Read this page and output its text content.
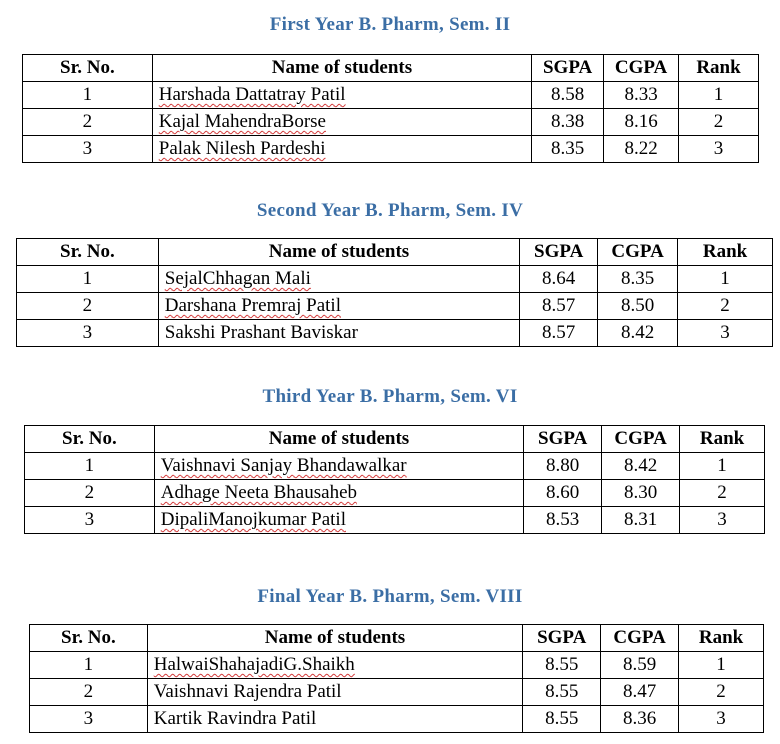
First Year B. Pharm, Sem. II
Sr. No.	Name of students	SGPA	CGPA	Rank
1	Harshada Dattatray Patil	8.58	8.33	1
2	Kajal MahendraBorse	8.38	8.16	2
3	Palak Nilesh Pardeshi	8.35	8.22	3
Second Year B. Pharm, Sem. IV
Sr. No.	Name of students	SGPA	CGPA	Rank
1	SejalChhagan Mali	8.64	8.35	1
2	Darshana Premraj Patil	8.57	8.50	2
3	Sakshi Prashant Baviskar	8.57	8.42	3
Third Year B. Pharm, Sem. VI
Sr. No.	Name of students	SGPA	CGPA	Rank
1	Vaishnavi Sanjay Bhandawalkar	8.80	8.42	1
2	Adhage Neeta Bhausaheb	8.60	8.30	2
3	DipaliManojkumar Patil	8.53	8.31	3
Final Year B. Pharm, Sem. VIII
Sr. No.	Name of students	SGPA	CGPA	Rank
1	HalwaiShahajadiG.Shaikh	8.55	8.59	1
2	Vaishnavi Rajendra Patil	8.55	8.47	2
3	Kartik Ravindra Patil	8.55	8.36	3
